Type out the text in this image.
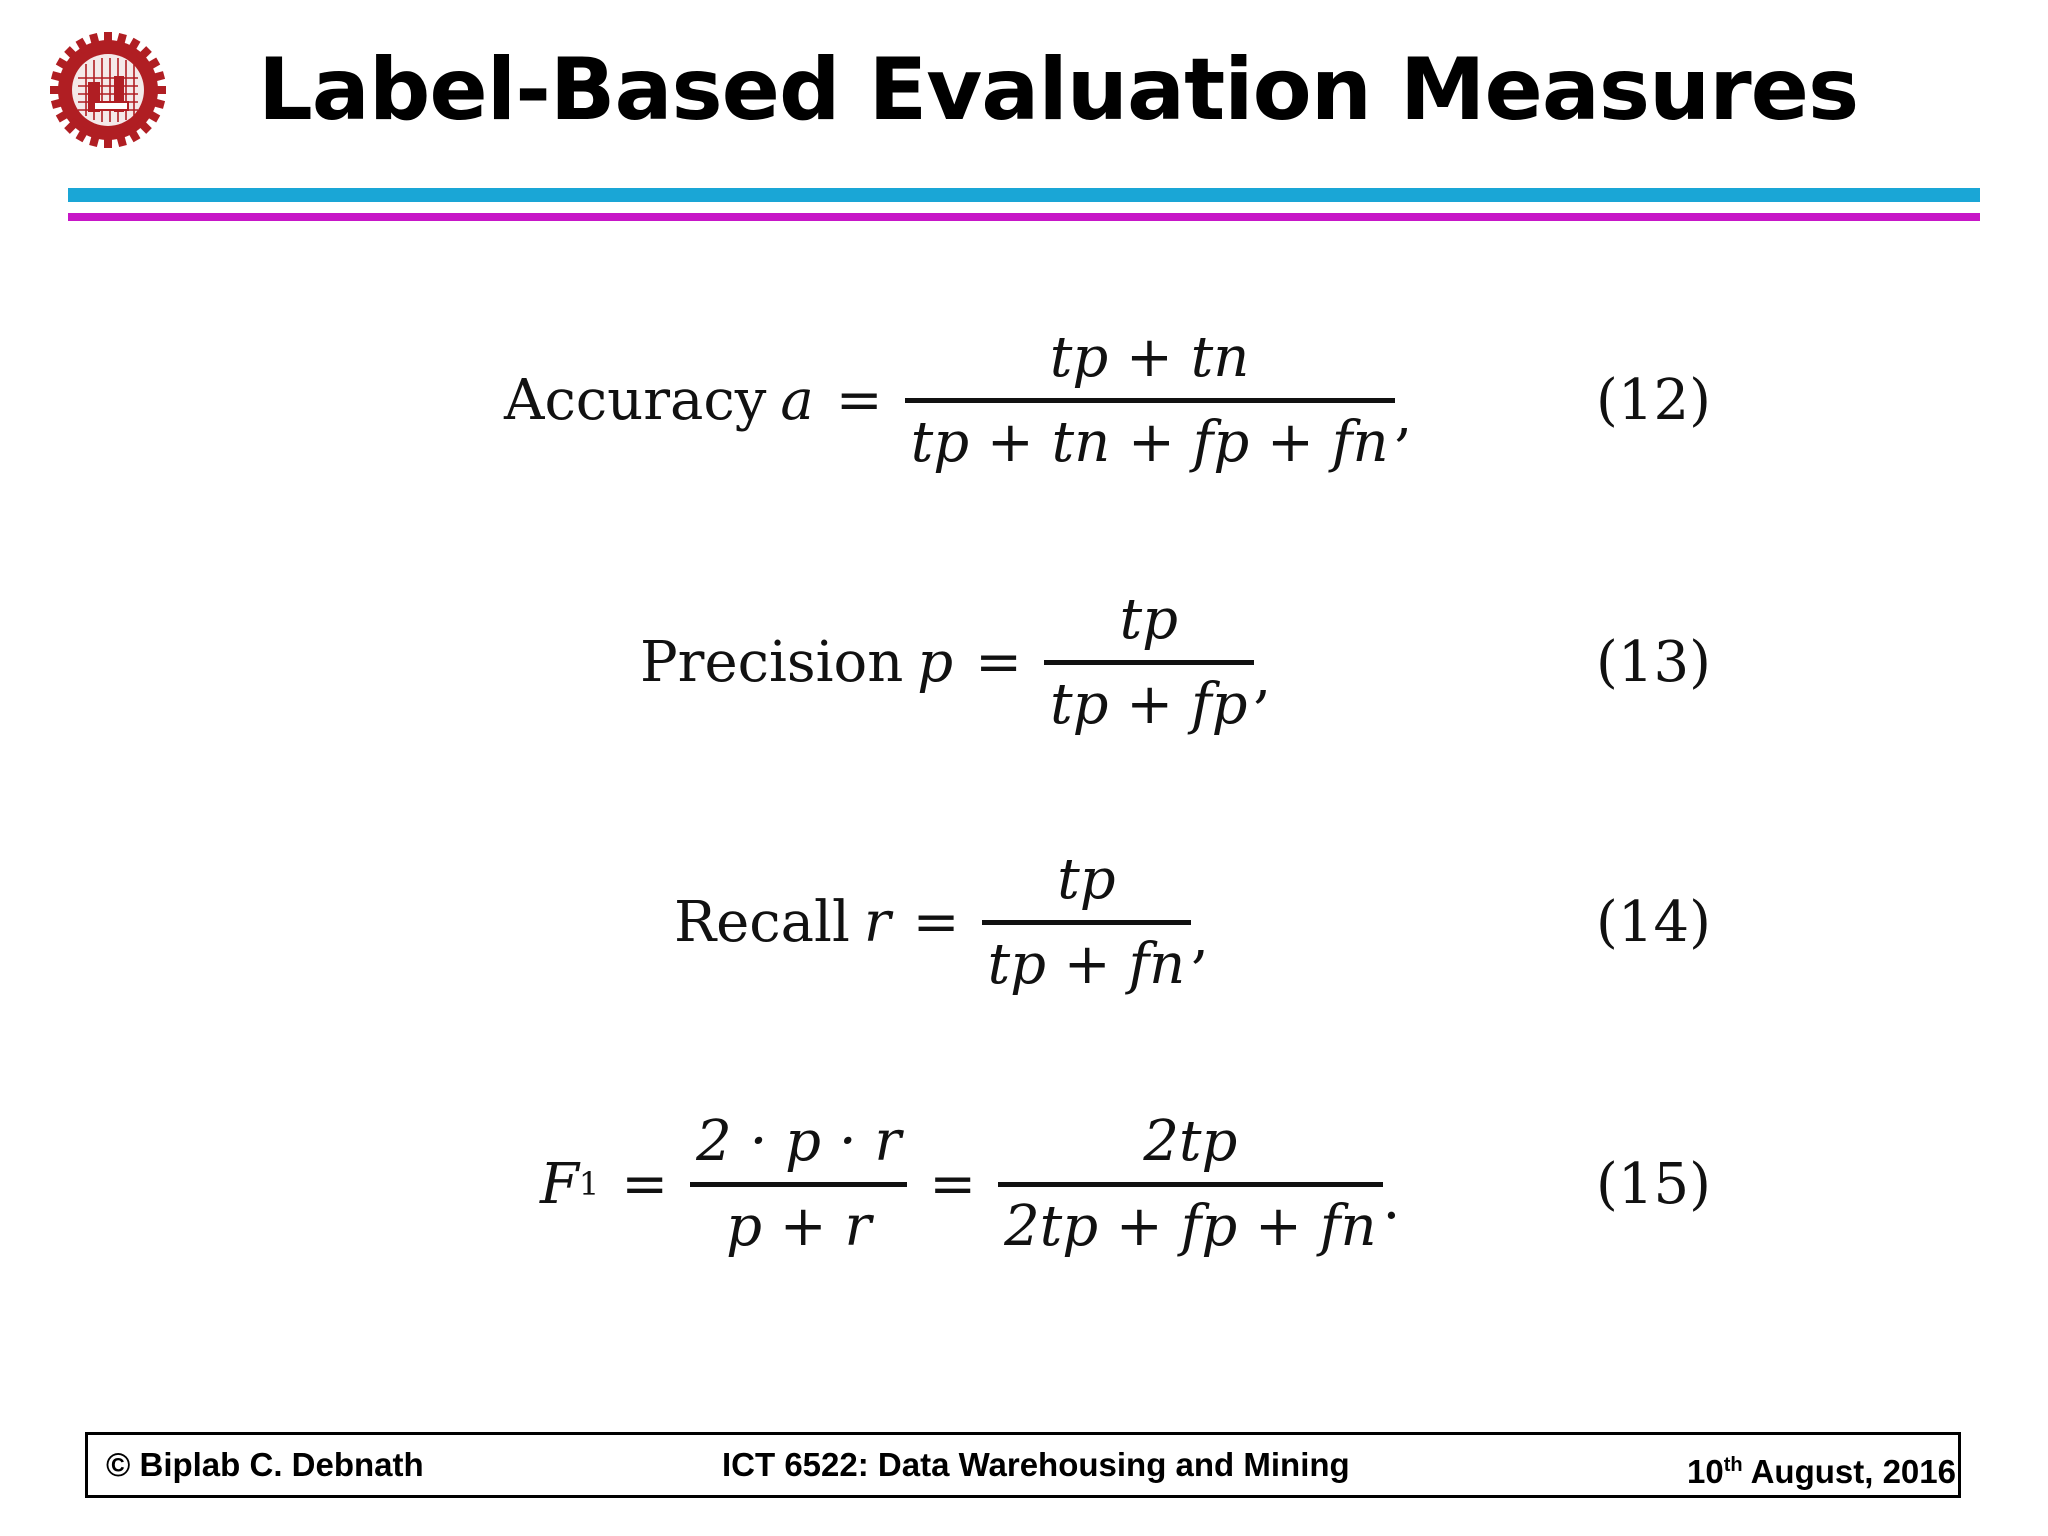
Label-Based Evaluation Measures
Accuracy a =
tp + tn
tp + tn + fp + fn ,	(12)
Precision p =
tp
tp + fp ,	(13)
Recall r =
tp
tp + fn ,	(14)
F 1 =
2 · p · r
p + r
=
2tp
2tp + fp + fn .	(15)
© Biplab C. Debnath	ICT 6522: Data Warehousing and Mining	10th August, 2016
